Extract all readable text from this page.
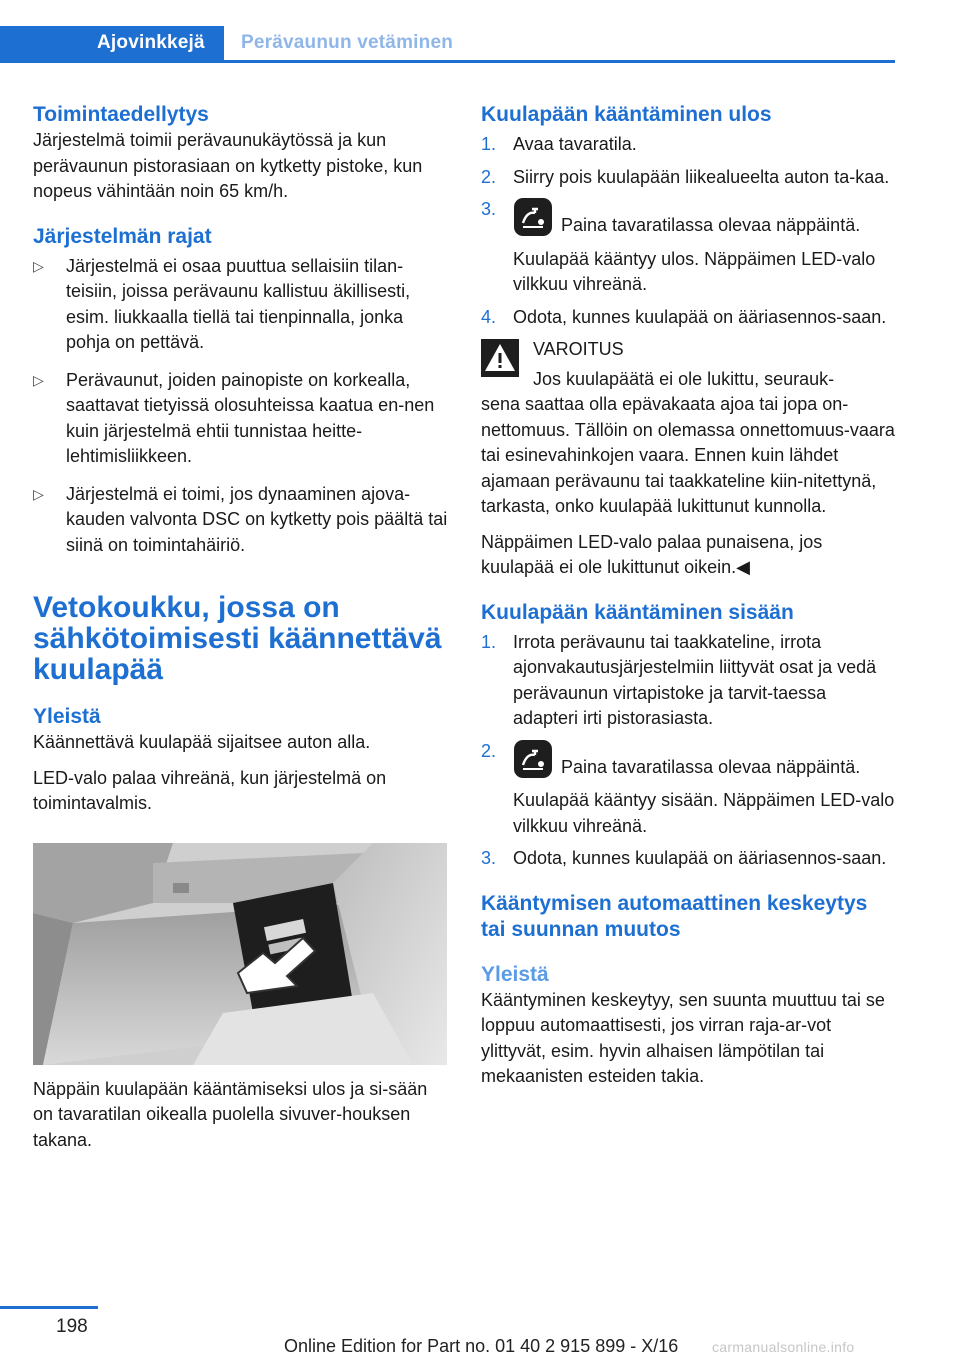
Ajovinkkejä	Perävaunun vetäminen
Toimintaedellytys
Järjestelmä toimii perävaunukäytössä ja kun perävaunun pistorasiaan on kytketty pistoke, kun nopeus vähintään noin 65 km/h.
Järjestelmän rajat
▷ Järjestelmä ei osaa puuttua sellaisiin tilan-teisiin, joissa perävaunu kallistuu äkillisesti, esim. liukkaalla tiellä tai tienpinnalla, jonka pohja on pettävä.
▷ Perävaunut, joiden painopiste on korkealla, saattavat tietyissä olosuhteissa kaatua en-nen kuin järjestelmä ehtii tunnistaa heitte-lehtimisliikkeen.
▷ Järjestelmä ei toimi, jos dynaaminen ajova-kauden valvonta DSC on kytketty pois päältä tai siinä on toimintahäiriö.
Vetokoukku, jossa on sähkötoimisesti käännettävä kuulapää
Yleistä
Käännettävä kuulapää sijaitsee auton alla.
LED-valo palaa vihreänä, kun järjestelmä on toimintavalmis.
Näppäin kuulapään kääntämiseksi ulos ja si-sään on tavaratilan oikealla puolella sivuver-houksen takana.
Kuulapään kääntäminen ulos
1. Avaa tavaratila.
2. Siirry pois kuulapään liikealueelta auton ta-kaa.
3.
Paina tavaratilassa olevaa näppäintä.
Kuulapää kääntyy ulos. Näppäimen LED-valo vilkkuu vihreänä.
4. Odota, kunnes kuulapää on ääriasennos-saan.
VAROITUS
Jos kuulapäätä ei ole lukittu, seurauk-
sena saattaa olla epävakaata ajoa tai jopa on-nettomuus. Tällöin on olemassa onnettomuus-vaara tai esinevahinkojen vaara. Ennen kuin lähdet ajamaan perävaunu tai taakkateline kiin-nitettynä, tarkasta, onko kuulapää lukittunut kunnolla.
Näppäimen LED-valo palaa punaisena, jos kuulapää ei ole lukittunut oikein.◀
Kuulapään kääntäminen sisään
1. Irrota perävaunu tai taakkateline, irrota ajonvakautusjärjestelmiin liittyvät osat ja vedä perävaunun virtapistoke ja tarvit-taessa adapteri irti pistorasiasta.
2.
Paina tavaratilassa olevaa näppäintä.
Kuulapää kääntyy sisään. Näppäimen LED-valo vilkkuu vihreänä.
3. Odota, kunnes kuulapää on ääriasennos-saan.
Kääntymisen automaattinen keskeytys tai suunnan muutos
Yleistä
Kääntyminen keskeytyy, sen suunta muuttuu tai se loppuu automaattisesti, jos virran raja-ar-vot ylittyvät, esim. hyvin alhaisen lämpötilan tai mekaanisten esteiden takia.
198
Online Edition for Part no. 01 40 2 915 899 - X/16 carmanualsonline.info
